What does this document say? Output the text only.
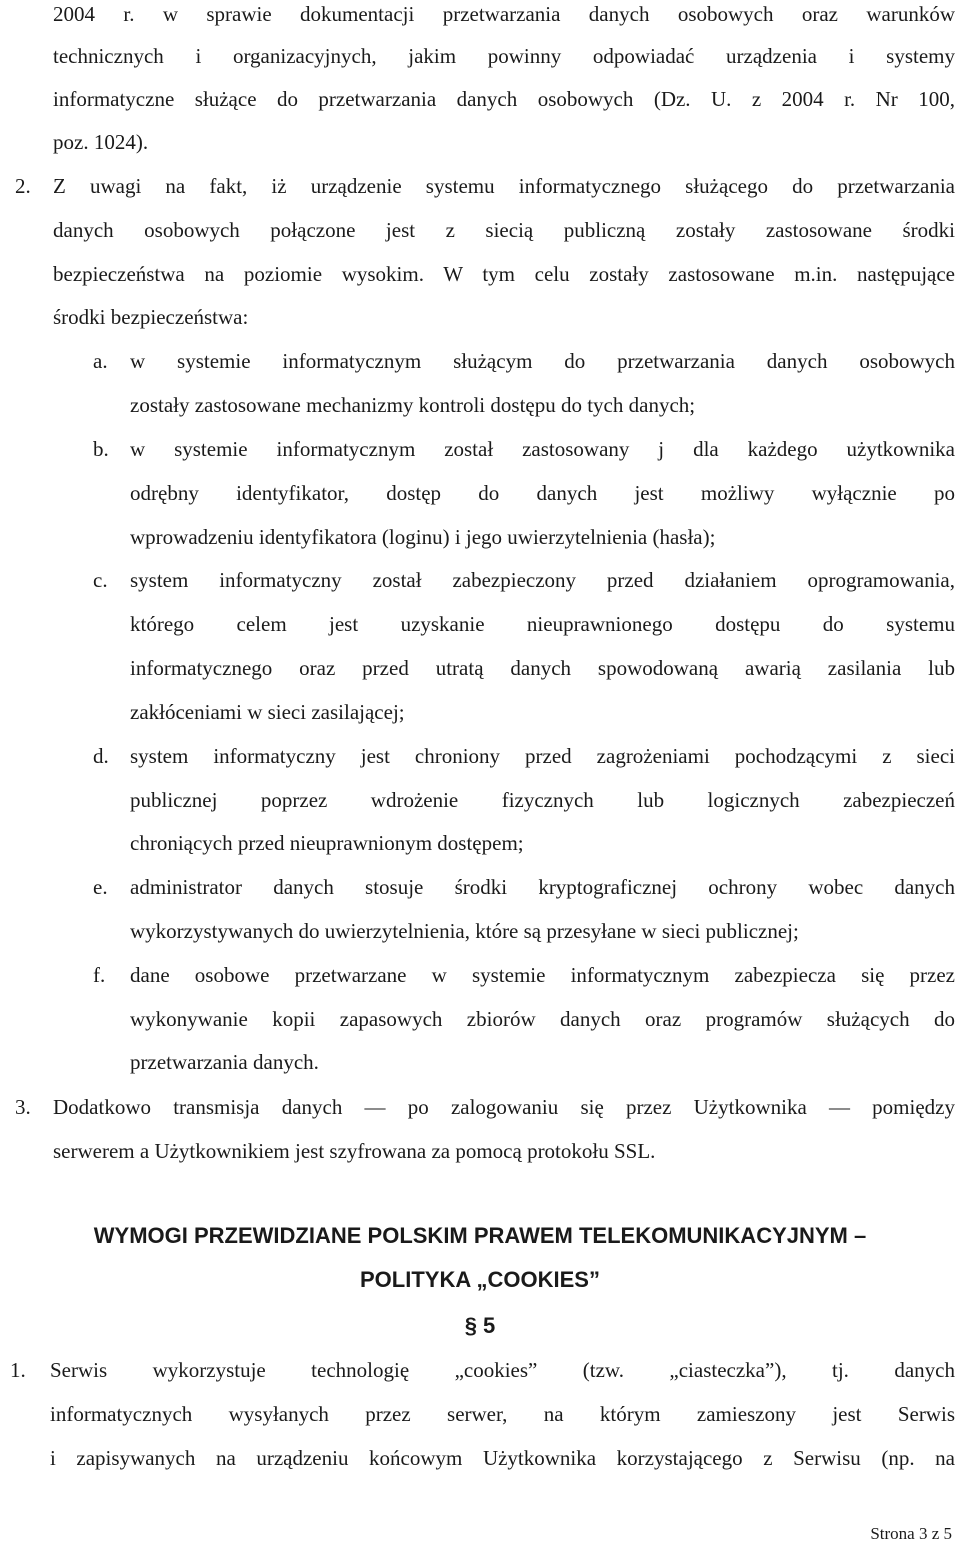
2004 r. w sprawie dokumentacji przetwarzania danych osobowych oraz warunków
technicznych i organizacyjnych, jakim powinny odpowiadać urządzenia i systemy
informatyczne służące do przetwarzania danych osobowych (Dz. U. z 2004 r. Nr 100,
poz. 1024).
2. Z uwagi na fakt, iż urządzenie systemu informatycznego służącego do przetwarzania
danych osobowych połączone jest z siecią publiczną zostały zastosowane środki
bezpieczeństwa na poziomie wysokim. W tym celu zostały zastosowane m.in. następujące
środki bezpieczeństwa:
a. w systemie informatycznym służącym do przetwarzania danych osobowych
zostały zastosowane mechanizmy kontroli dostępu do tych danych;
b. w systemie informatycznym został zastosowany j dla każdego użytkownika
odrębny identyfikator, dostęp do danych jest możliwy wyłącznie po
wprowadzeniu identyfikatora (loginu) i jego uwierzytelnienia (hasła);
c. system informatyczny został zabezpieczony przed działaniem oprogramowania,
którego celem jest uzyskanie nieuprawnionego dostępu do systemu
informatycznego oraz przed utratą danych spowodowaną awarią zasilania lub
zakłóceniami w sieci zasilającej;
d. system informatyczny jest chroniony przed zagrożeniami pochodzącymi z sieci
publicznej poprzez wdrożenie fizycznych lub logicznych zabezpieczeń
chroniących przed nieuprawnionym dostępem;
e. administrator danych stosuje środki kryptograficznej ochrony wobec danych
wykorzystywanych do uwierzytelnienia, które są przesyłane w sieci publicznej;
f. dane osobowe przetwarzane w systemie informatycznym zabezpiecza się przez
wykonywanie kopii zapasowych zbiorów danych oraz programów służących do
przetwarzania danych.
3. Dodatkowo transmisja danych — po zalogowaniu się przez Użytkownika — pomiędzy
serwerem a Użytkownikiem jest szyfrowana za pomocą protokołu SSL.
WYMOGI PRZEWIDZIANE POLSKIM PRAWEM TELEKOMUNIKACYJNYM –
POLITYKA „COOKIES”
§ 5
1. Serwis wykorzystuje technologię „cookies” (tzw. „ciasteczka”), tj. danych
informatycznych wysyłanych przez serwer, na którym zamieszony jest Serwis
i zapisywanych na urządzeniu końcowym Użytkownika korzystającego z Serwisu (np. na
Strona 3 z 5
